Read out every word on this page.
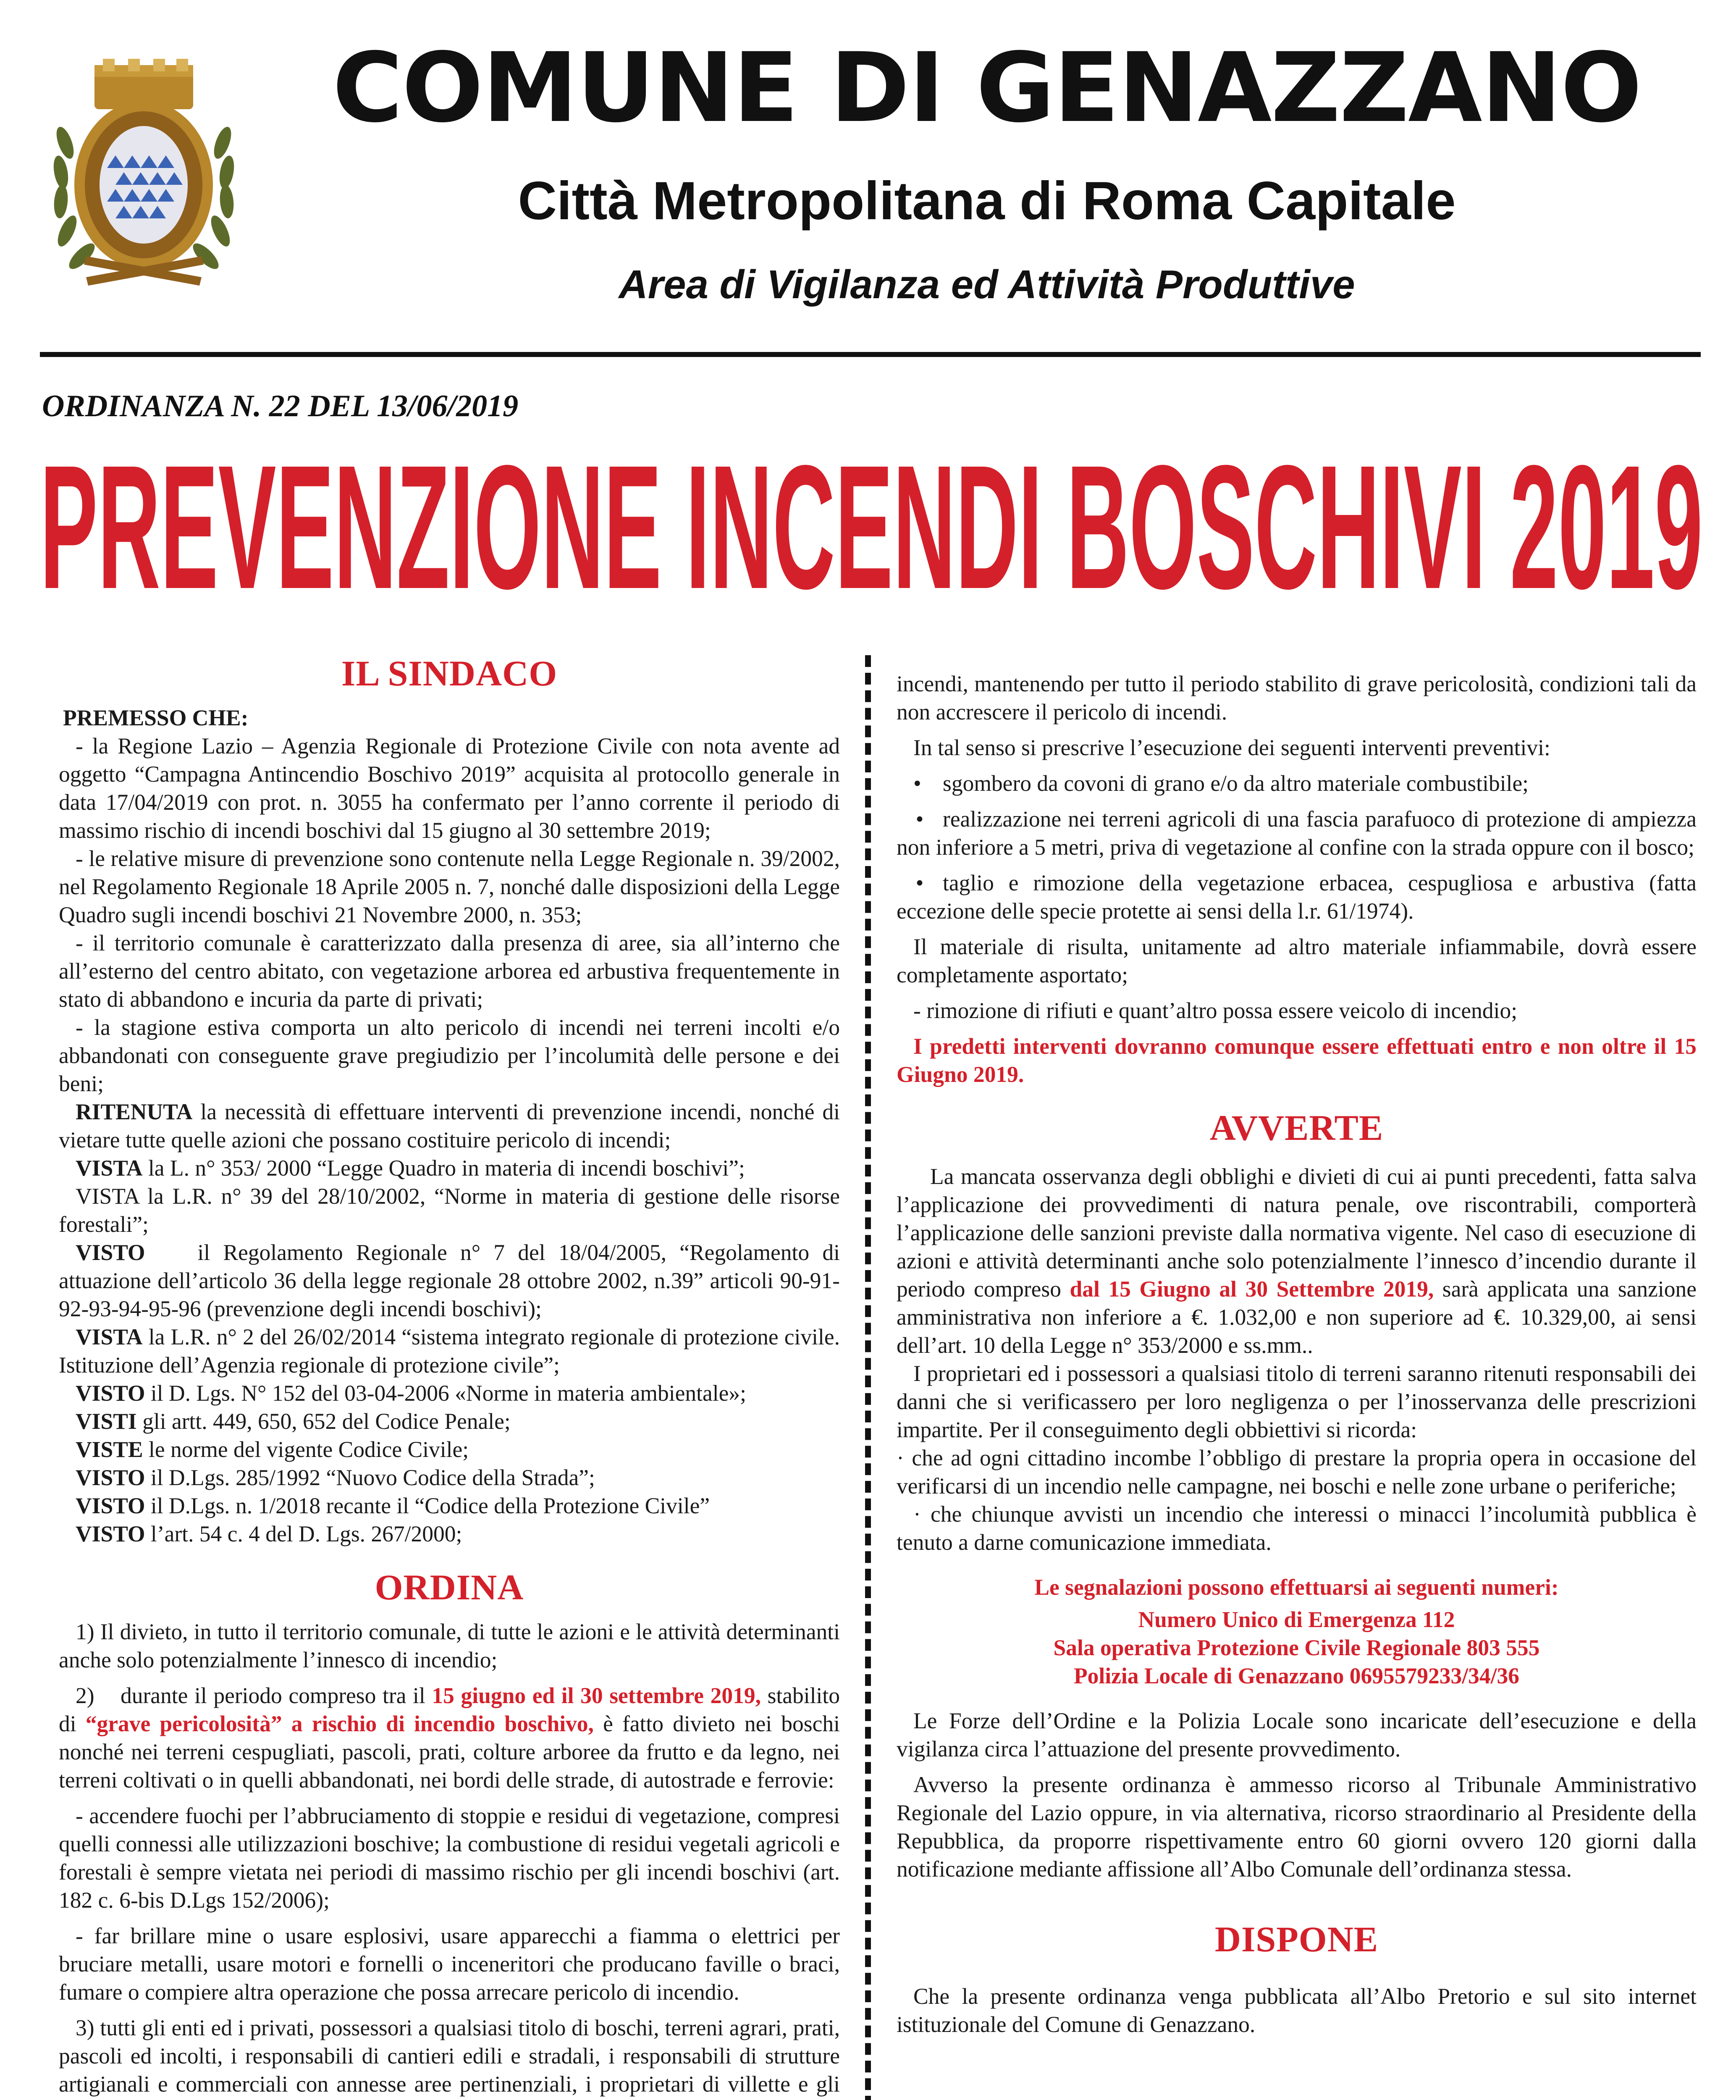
COMUNE DI GENAZZANO
Città Metropolitana di Roma Capitale
Area di Vigilanza ed Attività Produttive
ORDINANZA N. 22 DEL 13/06/2019
PREVENZIONE INCENDI BOSCHIVI 2019
IL SINDACO

PREMESSO CHE:

- la Regione Lazio – Agenzia Regionale di Protezione Civile con nota avente ad oggetto “Campagna Antincendio Boschivo 2019” acquisita al protocollo generale in data 17/04/2019 con prot. n. 3055 ha confermato per l’anno corrente il periodo di massimo rischio di incendi boschivi dal 15 giugno al 30 settembre 2019;

- le relative misure di prevenzione sono contenute nella Legge Regionale n. 39/2002, nel Regolamento Regionale 18 Aprile 2005 n. 7, nonché dalle disposizioni della Legge Quadro sugli incendi boschivi 21 Novembre 2000, n. 353;

- il territorio comunale è caratterizzato dalla presenza di aree, sia all’interno che all’esterno del centro abitato, con vegetazione arborea ed arbustiva frequentemente in stato di abbandono e incuria da parte di privati;

- la stagione estiva comporta un alto pericolo di incendi nei terreni incolti e/o abbandonati con conseguente grave pregiudizio per l’incolumità delle persone e dei beni;

RITENUTA la necessità di effettuare interventi di prevenzione incendi, nonché di vietare tutte quelle azioni che possano costituire pericolo di incendi;

VISTA la L. n° 353/ 2000 “Legge Quadro in materia di incendi boschivi”;

VISTA la L.R. n° 39 del 28/10/2002, “Norme in materia di gestione delle risorse forestali”;

VISTO    il Regolamento Regionale n° 7 del 18/04/2005, “Regolamento di attuazione dell’articolo 36 della legge regionale 28 ottobre 2002, n.39” articoli 90-91-92-93-94-95-96 (prevenzione degli incendi boschivi);

VISTA la L.R. n° 2 del 26/02/2014 “sistema integrato regionale di protezione civile. Istituzione dell’Agenzia regionale di protezione civile”;

VISTO il D. Lgs. N° 152 del 03-04-2006 «Norme in materia ambientale»;

VISTI gli artt. 449, 650, 652 del Codice Penale;

VISTE le norme del vigente Codice Civile;

VISTO il D.Lgs. 285/1992 “Nuovo Codice della Strada”;

VISTO il D.Lgs. n. 1/2018 recante il “Codice della Protezione Civile”

VISTO l’art. 54 c. 4 del D. Lgs. 267/2000;

ORDINA

1) Il divieto, in tutto il territorio comunale, di tutte le azioni e le attività determinanti anche solo potenzialmente l’innesco di incendio;

2)    durante il periodo compreso tra il 15 giugno ed il 30 settembre 2019, stabilito di “grave pericolosità” a rischio di incendio boschivo, è fatto divieto nei boschi nonché nei terreni cespugliati, pascoli, prati, colture arboree da frutto e da legno, nei terreni coltivati o in quelli abbandonati, nei bordi delle strade, di autostrade e ferrovie:

- accendere fuochi per l’abbruciamento di stoppie e residui di vegetazione, compresi quelli connessi alle utilizzazioni boschive; la combustione di residui vegetali agricoli e forestali è sempre vietata nei periodi di massimo rischio per gli incendi boschivi (art. 182 c. 6-bis D.Lgs 152/2006);

- far brillare mine o usare esplosivi, usare apparecchi a fiamma o elettrici per bruciare metalli, usare motori e fornelli o inceneritori che producano faville o braci, fumare o compiere altra operazione che possa arrecare pericolo di incendio.

3) tutti gli enti ed i privati, possessori a qualsiasi titolo di boschi, terreni agrari, prati, pascoli ed incolti, i responsabili di cantieri edili e stradali, i responsabili di strutture artigianali e commerciali con annesse aree pertinenziali, i proprietari di villette e gli

incendi, mantenendo per tutto il periodo stabilito di grave pericolosità, condizioni tali da non accrescere il pericolo di incendi.

In tal senso si prescrive l’esecuzione dei seguenti interventi preventivi:

• sgombero da covoni di grano e/o da altro materiale combustibile;

• realizzazione nei terreni agricoli di una fascia parafuoco di protezione di ampiezza non inferiore a 5 metri, priva di vegetazione al confine con la strada oppure con il bosco;

• taglio e rimozione della vegetazione erbacea, cespugliosa e arbustiva (fatta eccezione delle specie protette ai sensi della l.r. 61/1974).

Il materiale di risulta, unitamente ad altro materiale infiammabile, dovrà essere completamente asportato;

- rimozione di rifiuti e quant’altro possa essere veicolo di incendio;

I predetti interventi dovranno comunque essere effettuati entro e non oltre il 15 Giugno 2019.

AVVERTE

La mancata osservanza degli obblighi e divieti di cui ai punti precedenti, fatta salva l’applicazione dei provvedimenti di natura penale, ove riscontrabili, comporterà l’applicazione delle sanzioni previste dalla normativa vigente. Nel caso di esecuzione di azioni e attività determinanti anche solo potenzialmente l’innesco d’incendio durante il periodo compreso dal 15 Giugno al 30 Settembre 2019, sarà applicata una sanzione amministrativa non inferiore a €. 1.032,00 e non superiore ad €. 10.329,00, ai sensi dell’art. 10 della Legge n° 353/2000 e ss.mm..

I proprietari ed i possessori a qualsiasi titolo di terreni saranno ritenuti responsabili dei danni che si verificassero per loro negligenza o per l’inosservanza delle prescrizioni impartite. Per il conseguimento degli obbiettivi si ricorda:

· che ad ogni cittadino incombe l’obbligo di prestare la propria opera in occasione del verificarsi di un incendio nelle campagne, nei boschi e nelle zone urbane o periferiche;

· che chiunque avvisti un incendio che interessi o minacci l’incolumità pubblica è tenuto a darne comunicazione immediata.

Le segnalazioni possono effettuarsi ai seguenti numeri:

Numero Unico di Emergenza 112

Sala operativa Protezione Civile Regionale 803 555

Polizia Locale di Genazzano 0695579233/34/36

Le Forze dell’Ordine e la Polizia Locale sono incaricate dell’esecuzione e della vigilanza circa l’attuazione del presente provvedimento.

Avverso la presente ordinanza è ammesso ricorso al Tribunale Amministrativo Regionale del Lazio oppure, in via alternativa, ricorso straordinario al Presidente della Repubblica, da proporre rispettivamente entro 60 giorni ovvero 120 giorni dalla notificazione mediante affissione all’Albo Comunale dell’ordinanza stessa.

DISPONE

Che la presente ordinanza venga pubblicata all’Albo Pretorio e sul sito internet istituzionale del Comune di Genazzano.
